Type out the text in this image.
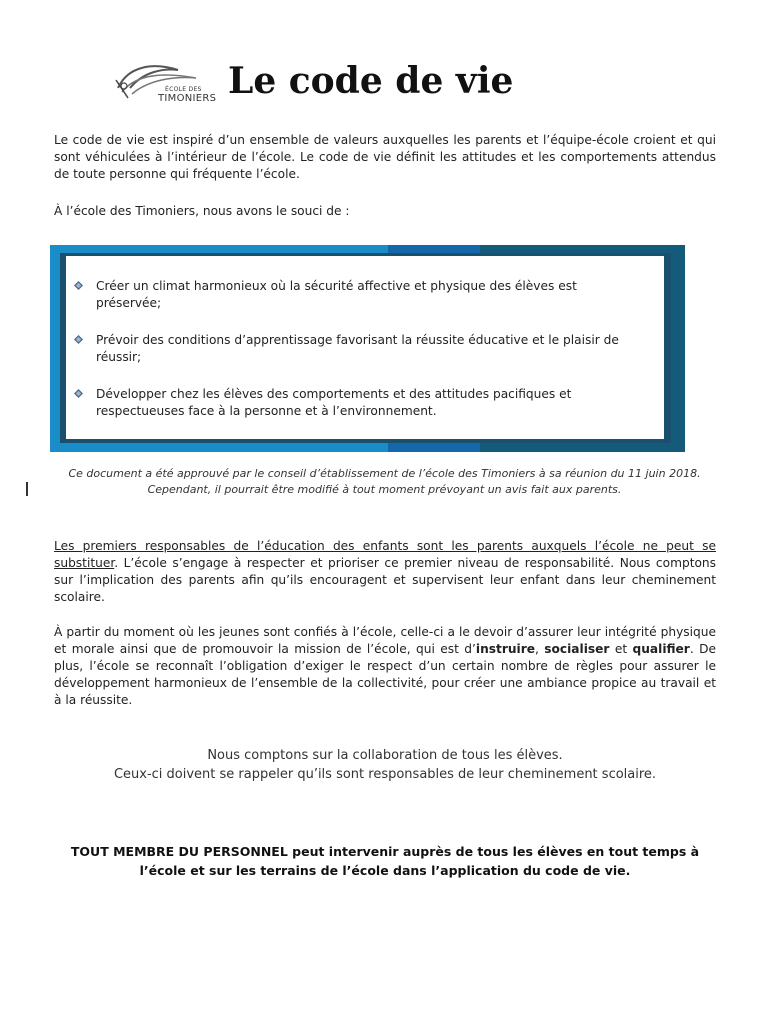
ÉCOLE DES
TIMONIERS Le code de vie

Le code de vie est inspiré d’un ensemble de valeurs auxquelles les parents et l’équipe-école croient et qui sont véhiculées à l’intérieur de l’école. Le code de vie définit les attitudes et les comportements attendus de toute personne qui fréquente l’école.

À l’école des Timoniers, nous avons le souci de :

Créer un climat harmonieux où la sécurité affective et physique des élèves est préservée;
Prévoir des conditions d’apprentissage favorisant la réussite éducative et le plaisir de réussir;
Développer chez les élèves des comportements et des attitudes pacifiques et respectueuses face à la personne et à l’environnement.

Ce document a été approuvé par le conseil d’établissement de l’école des Timoniers à sa réunion du 11 juin 2018. Cependant, il pourrait être modifié à tout moment prévoyant un avis fait aux parents.

Les premiers responsables de l’éducation des enfants sont les parents auxquels l’école ne peut se substituer. L’école s’engage à respecter et prioriser ce premier niveau de responsabilité. Nous comptons sur l’implication des parents afin qu’ils encouragent et supervisent leur enfant dans leur cheminement scolaire.

À partir du moment où les jeunes sont confiés à l’école, celle-ci a le devoir d’assurer leur intégrité physique et morale ainsi que de promouvoir la mission de l’école, qui est d’instruire, socialiser et qualifier. De plus, l’école se reconnaît l’obligation d’exiger le respect d’un certain nombre de règles pour assurer le développement harmonieux de l’ensemble de la collectivité, pour créer une ambiance propice au travail et à la réussite.

Nous comptons sur la collaboration de tous les élèves.
Ceux-ci doivent se rappeler qu’ils sont responsables de leur cheminement scolaire.
TOUT MEMBRE DU PERSONNEL peut intervenir auprès de tous les élèves en tout temps à
l’école et sur les terrains de l’école dans l’application du code de vie.
